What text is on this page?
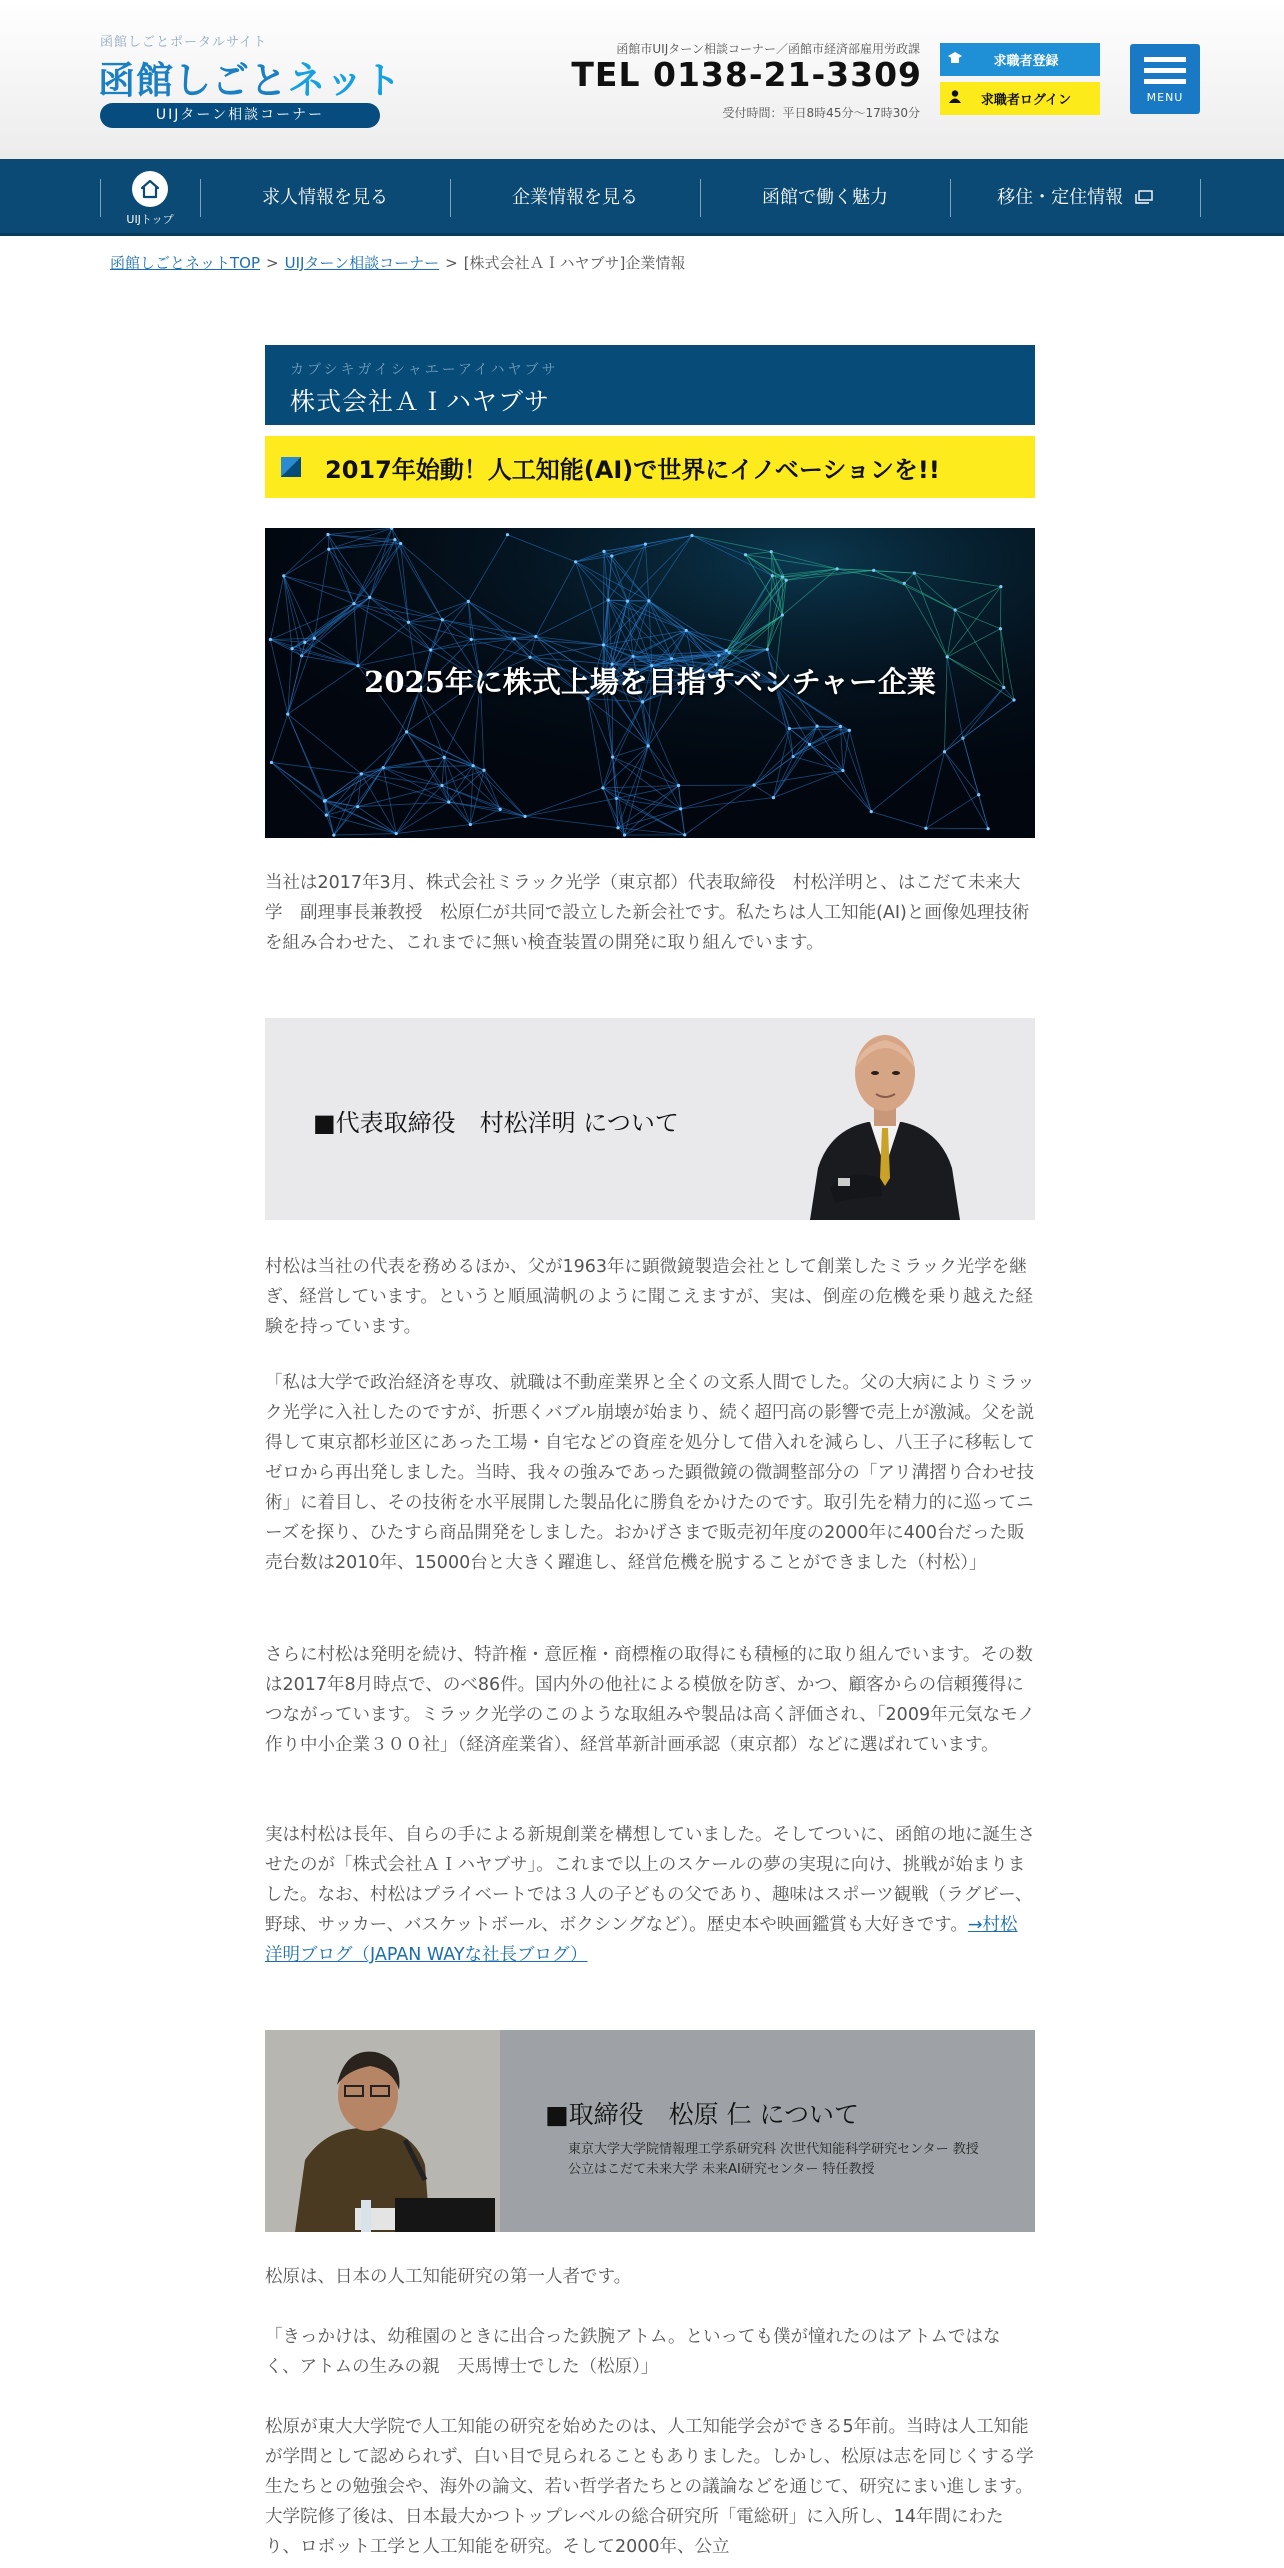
函館しごとポータルサイト
函館しごとネット
UIJターン相談コーナー
函館市UIJターン相談コーナー／函館市経済部雇用労政課
TEL 0138-21-3309
受付時間：平日8時45分～17時30分
求職者登録
求職者ログイン	MENU
UIJトップ
求人情報を見る	企業情報を見る	函館で働く魅力	移住・定住情報
函館しごとネットTOP > UIJターン相談コーナー > [株式会社ＡＩハヤブサ]企業情報
カブシキガイシャエーアイハヤブサ
株式会社ＡＩハヤブサ
2017年始動！人工知能(AI)で世界にイノベーションを!!
2025年に株式上場を目指すベンチャー企業
当社は2017年3月、株式会社ミラック光学（東京都）代表取締役　村松洋明と、はこだて未来大学　副理事長兼教授　松原仁が共同で設立した新会社です。私たちは人工知能(AI)と画像処理技術を組み合わせた、これまでに無い検査装置の開発に取り組んでいます。
■代表取締役　村松洋明 について
村松は当社の代表を務めるほか、父が1963年に顕微鏡製造会社として創業したミラック光学を継ぎ、経営しています。というと順風満帆のように聞こえますが、実は、倒産の危機を乗り越えた経験を持っています。
「私は大学で政治経済を専攻、就職は不動産業界と全くの文系人間でした。父の大病によりミラック光学に入社したのですが、折悪くバブル崩壊が始まり、続く超円高の影響で売上が激減。父を説得して東京都杉並区にあった工場・自宅などの資産を処分して借入れを減らし、八王子に移転してゼロから再出発しました。当時、我々の強みであった顕微鏡の微調整部分の「アリ溝摺り合わせ技術」に着目し、その技術を水平展開した製品化に勝負をかけたのです。取引先を精力的に巡ってニーズを探り、ひたすら商品開発をしました。おかげさまで販売初年度の2000年に400台だった販売台数は2010年、15000台と大きく躍進し、経営危機を脱することができました（村松）」
さらに村松は発明を続け、特許権・意匠権・商標権の取得にも積極的に取り組んでいます。その数は2017年8月時点で、のべ86件。国内外の他社による模倣を防ぎ、かつ、顧客からの信頼獲得につながっています。ミラック光学のこのような取組みや製品は高く評価され、「2009年元気なモノ作り中小企業３００社」（経済産業省）、経営革新計画承認（東京都）などに選ばれています。
実は村松は長年、自らの手による新規創業を構想していました。そしてついに、函館の地に誕生させたのが「株式会社ＡＩハヤブサ」。これまで以上のスケールの夢の実現に向け、挑戦が始まりました。なお、村松はプライベートでは３人の子どもの父であり、趣味はスポーツ観戦（ラグビー、野球、サッカー、バスケットボール、ボクシングなど）。歴史本や映画鑑賞も大好きです。→村松洋明ブログ（JAPAN WAYな社長ブログ）
■取締役　松原 仁 について
東京大学大学院情報理工学系研究科 次世代知能科学研究センター 教授
公立はこだて未来大学 未来AI研究センター 特任教授
松原は、日本の人工知能研究の第一人者です。
「きっかけは、幼稚園のときに出合った鉄腕アトム。といっても僕が憧れたのはアトムではなく、アトムの生みの親　天馬博士でした（松原）」
松原が東大大学院で人工知能の研究を始めたのは、人工知能学会ができる5年前。当時は人工知能が学問として認められず、白い目で見られることもありました。しかし、松原は志を同じくする学生たちとの勉強会や、海外の論文、若い哲学者たちとの議論などを通じて、研究にまい進します。大学院修了後は、日本最大かつトップレベルの総合研究所「電総研」に入所し、14年間にわたり、ロボット工学と人工知能を研究。そして2000年、公立
